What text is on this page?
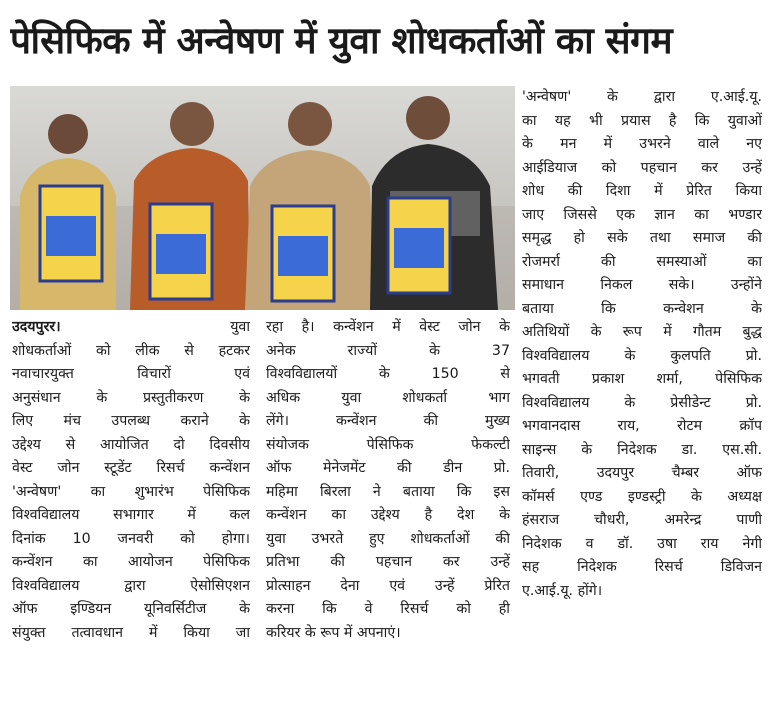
पेसिफिक में अन्वेषण में युवा शोधकर्ताओं का संगम
उदयपुरर।	युवा
शोधकर्ताओं को लीक से हटकर
नवाचारयुक्त विचारों एवं
अनुसंधान के प्रस्तुतीकरण के
लिए मंच उपलब्ध कराने के
उद्देश्य से आयोजित दो दिवसीय
वेस्ट जोन स्टूडेंट रिसर्च कन्वेंशन
'अन्वेषण' का शुभारंभ पेसिफिक
विश्वविद्यालय सभागार में कल
दिनांक 10 जनवरी को होगा।
कन्वेंशन का आयोजन पेसिफिक
विश्वविद्यालय द्वारा ऐसोसिएशन
ऑफ इण्डियन यूनिवर्सिटीज के
संयुक्त तत्वावधान में किया जा
रहा है। कन्वेंशन में वेस्ट जोन के
अनेक राज्यों के 37
विश्वविद्यालयों के 150 से
अधिक युवा शोधकर्ता भाग
लेंगे। कन्वेंशन की मुख्य
संयोजक पेसिफिक फेकल्टी
ऑफ मेनेजमेंट की डीन प्रो.
महिमा बिरला ने बताया कि इस
कन्वेंशन का उद्देश्य है देश के
युवा उभरते हुए शोधकर्ताओं की
प्रतिभा की पहचान कर उन्हें
प्रोत्साहन देना एवं उन्हें प्रेरित
करना कि वे रिसर्च को ही
करियर के रूप में अपनाएं।
'अन्वेषण' के द्वारा ए.आई.यू.
का यह भी प्रयास है कि युवाओं
के मन में उभरने वाले नए
आईडियाज को पहचान कर उन्हें
शोध की दिशा में प्रेरित किया
जाए जिससे एक ज्ञान का भण्डार
समृद्ध हो सके तथा समाज की
रोजमर्रा की समस्याओं का
समाधान निकल सके। उन्होंने
बताया कि कन्वेशन के
अतिथियों के रूप में गौतम बुद्ध
विश्वविद्यालय के कुलपति प्रो.
भगवती प्रकाश शर्मा, पेसिफिक
विश्वविद्यालय के प्रेसीडेन्ट प्रो.
भगवानदास राय, रोटम क्रॉप
साइन्स के निदेशक डा. एस.सी.
तिवारी, उदयपुर चैम्बर ऑफ
कॉमर्स एण्ड इण्डस्ट्री के अध्यक्ष
हंसराज चौधरी, अमरेन्द्र पाणी
निदेशक व डॉ. उषा राय नेगी
सह निदेशक रिसर्च डिविजन
ए.आई.यू. होंगे।
